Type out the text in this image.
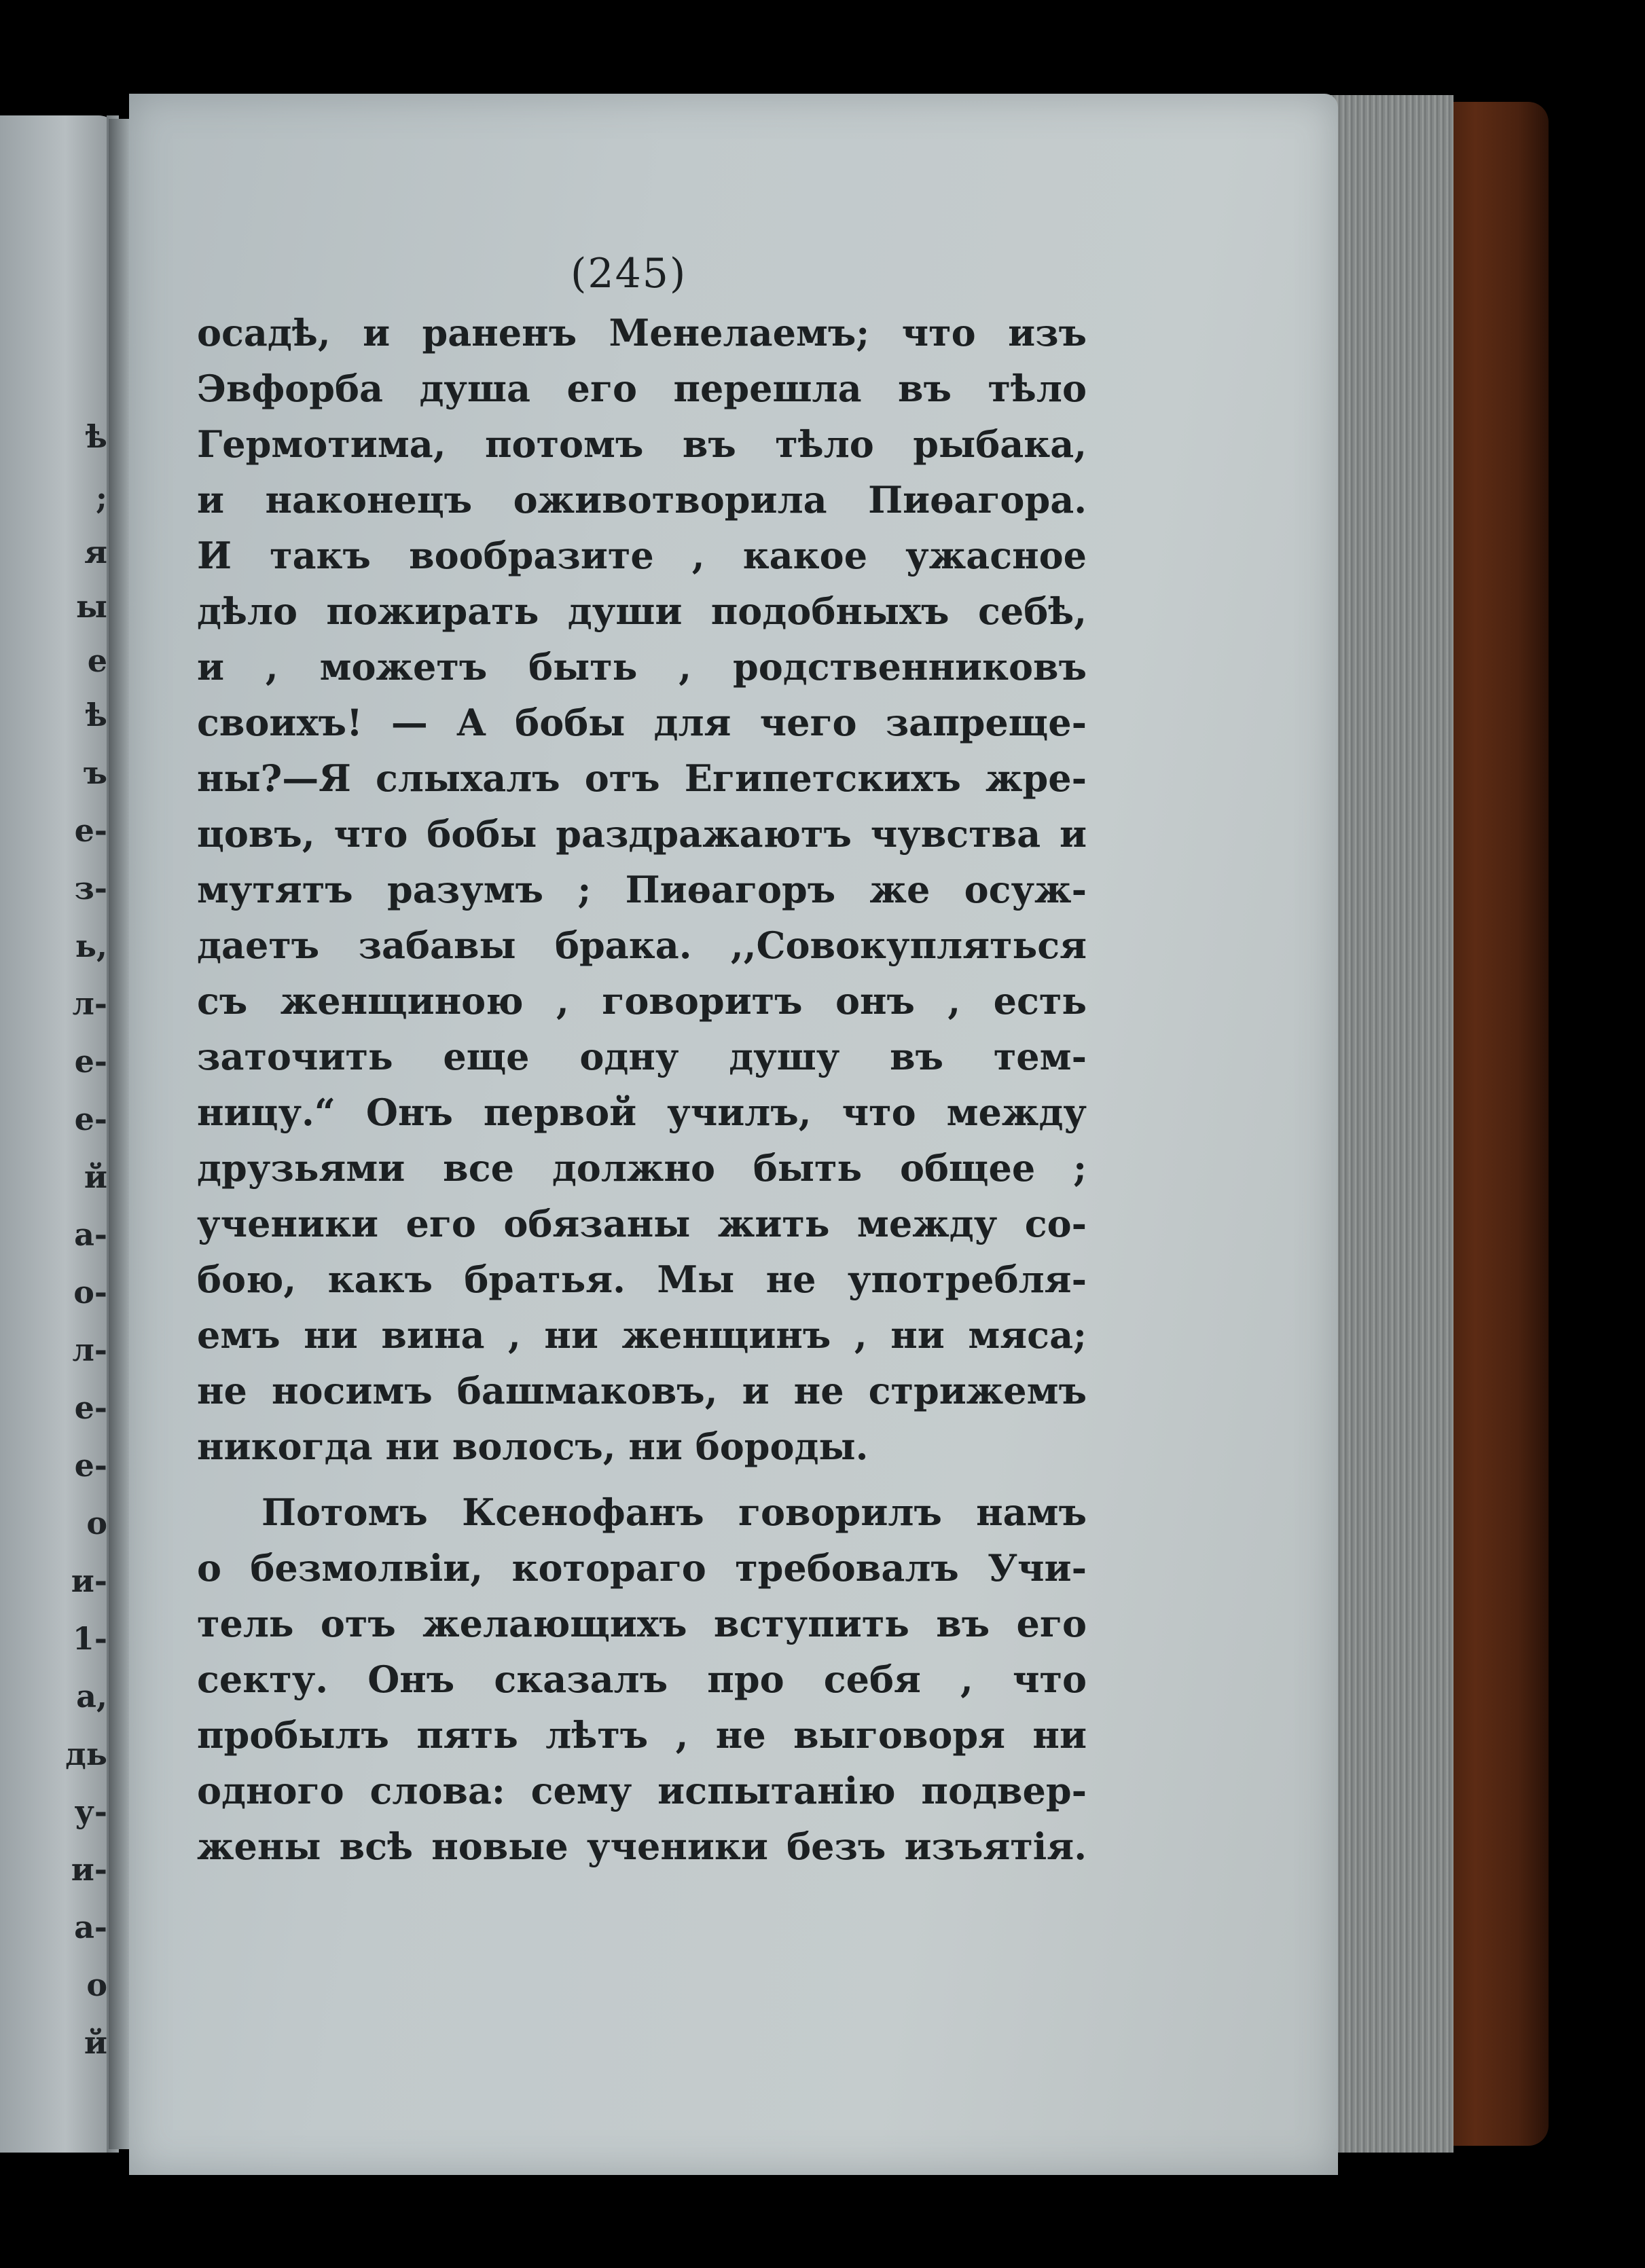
ѣ
;
я
ы
е
ѣ
ъ
е-
з-
ь,
л-
е-
е-
й
а-
о-
л-
е-
е-
о
и-
1-
а,
дь
у-
и-
а-
о
й
(245)
осадѣ, и раненъ Менелаемъ; что изъ
Эвфорба душа его перешла въ тѣло
Гермотима, потомъ въ тѣло рыбака,
и наконецъ оживотворила Пиѳагора.
И такъ вообразите , какое ужасное
дѣло пожирать души подобныхъ себѣ,
и , можетъ быть , родственниковъ
своихъ! — А бобы для чего запреще-
ны?—Я слыхалъ отъ Египетскихъ жре-
цовъ, что бобы раздражаютъ чувства и
мутятъ разумъ ; Пиѳагоръ же осуж-
даетъ забавы брака. ,,Совокупляться
съ женщиною , говоритъ онъ , есть
заточить еще одну душу въ тем-
ницу.“ Онъ первой училъ, что между
друзьями все должно быть общее ;
ученики его обязаны жить между со-
бою, какъ братья. Мы не употребля-
емъ ни вина , ни женщинъ , ни мяса;
не носимъ башмаковъ, и не стрижемъ
никогда ни волосъ, ни бороды.
Потомъ Ксенофанъ говорилъ намъ
о безмолвіи, котораго требовалъ Учи-
тель отъ желающихъ вступить въ его
секту. Онъ сказалъ про себя , что
пробылъ пять лѣтъ , не выговоря ни
одного слова: сему испытанію подвер-
жены всѣ новые ученики безъ изъятія.
